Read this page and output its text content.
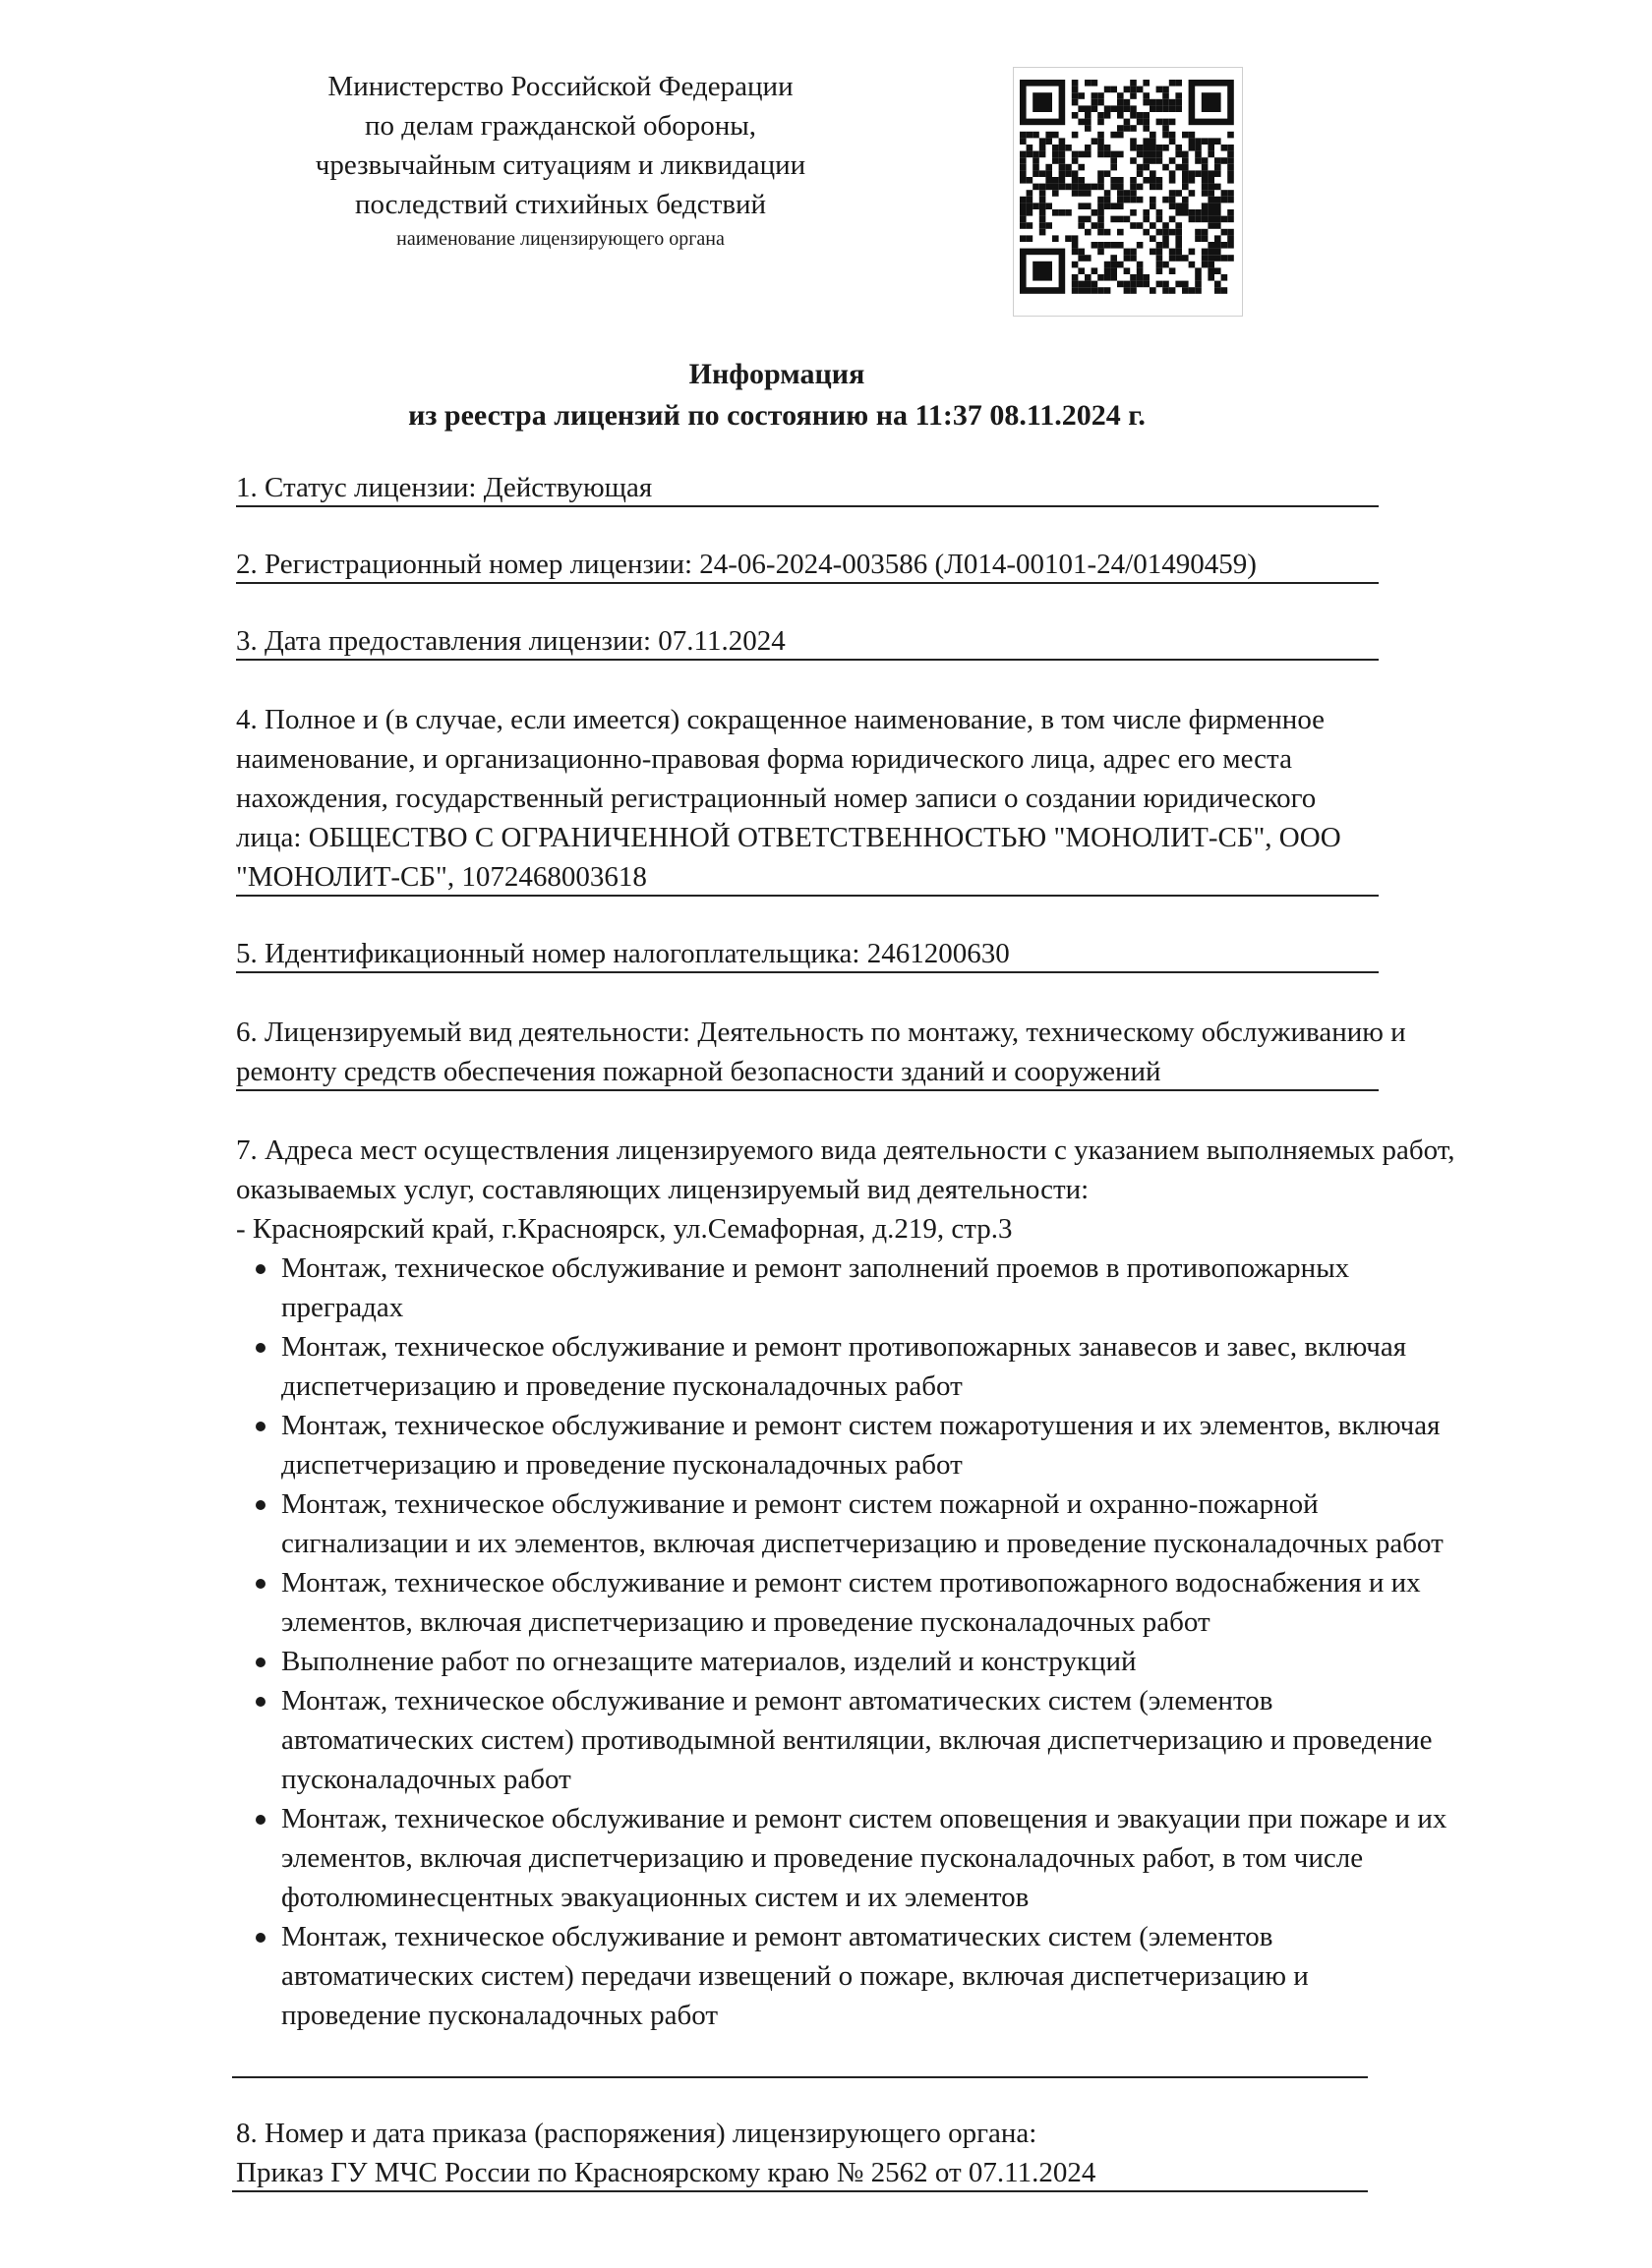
Министерство Российской Федерации
по делам гражданской обороны,
чрезвычайным ситуациям и ликвидации
последствий стихийных бедствий
наименование лицензирующего органа
Информация
из реестра лицензий по состоянию на 11:37 08.11.2024 г.
1. Статус лицензии: Действующая
2. Регистрационный номер лицензии: 24-06-2024-003586 (Л014-00101-24/01490459)
3. Дата предоставления лицензии: 07.11.2024
4. Полное и (в случае, если имеется) сокращенное наименование, в том числе фирменное наименование, и организационно-правовая форма юридического лица, адрес его места нахождения, государственный регистрационный номер записи о создании юридического лица: ОБЩЕСТВО С ОГРАНИЧЕННОЙ ОТВЕТСТВЕННОСТЬЮ "МОНОЛИТ-СБ", ООО "МОНОЛИТ-СБ", 1072468003618
5. Идентификационный номер налогоплательщика: 2461200630
6. Лицензируемый вид деятельности: Деятельность по монтажу, техническому обслуживанию и ремонту средств обеспечения пожарной безопасности зданий и сооружений
7. Адреса мест осуществления лицензируемого вида деятельности с указанием выполняемых работ, оказываемых услуг, составляющих лицензируемый вид деятельности:
- Красноярский край, г.Красноярск, ул.Семафорная, д.219, стр.3
Монтаж, техническое обслуживание и ремонт заполнений проемов в противопожарных преградах
Монтаж, техническое обслуживание и ремонт противопожарных занавесов и завес, включая диспетчеризацию и проведение пусконаладочных работ
Монтаж, техническое обслуживание и ремонт систем пожаротушения и их элементов, включая диспетчеризацию и проведение пусконаладочных работ
Монтаж, техническое обслуживание и ремонт систем пожарной и охранно-пожарной сигнализации и их элементов, включая диспетчеризацию и проведение пусконаладочных работ
Монтаж, техническое обслуживание и ремонт систем противопожарного водоснабжения и их элементов, включая диспетчеризацию и проведение пусконаладочных работ
Выполнение работ по огнезащите материалов, изделий и конструкций
Монтаж, техническое обслуживание и ремонт автоматических систем (элементов автоматических систем) противодымной вентиляции, включая диспетчеризацию и проведение пусконаладочных работ
Монтаж, техническое обслуживание и ремонт систем оповещения и эвакуации при пожаре и их элементов, включая диспетчеризацию и проведение пусконаладочных работ, в том числе фотолюминесцентных эвакуационных систем и их элементов
Монтаж, техническое обслуживание и ремонт автоматических систем (элементов автоматических систем) передачи извещений о пожаре, включая диспетчеризацию и проведение пусконаладочных работ
8. Номер и дата приказа (распоряжения) лицензирующего органа:
Приказ ГУ МЧС России по Красноярскому краю № 2562 от 07.11.2024
